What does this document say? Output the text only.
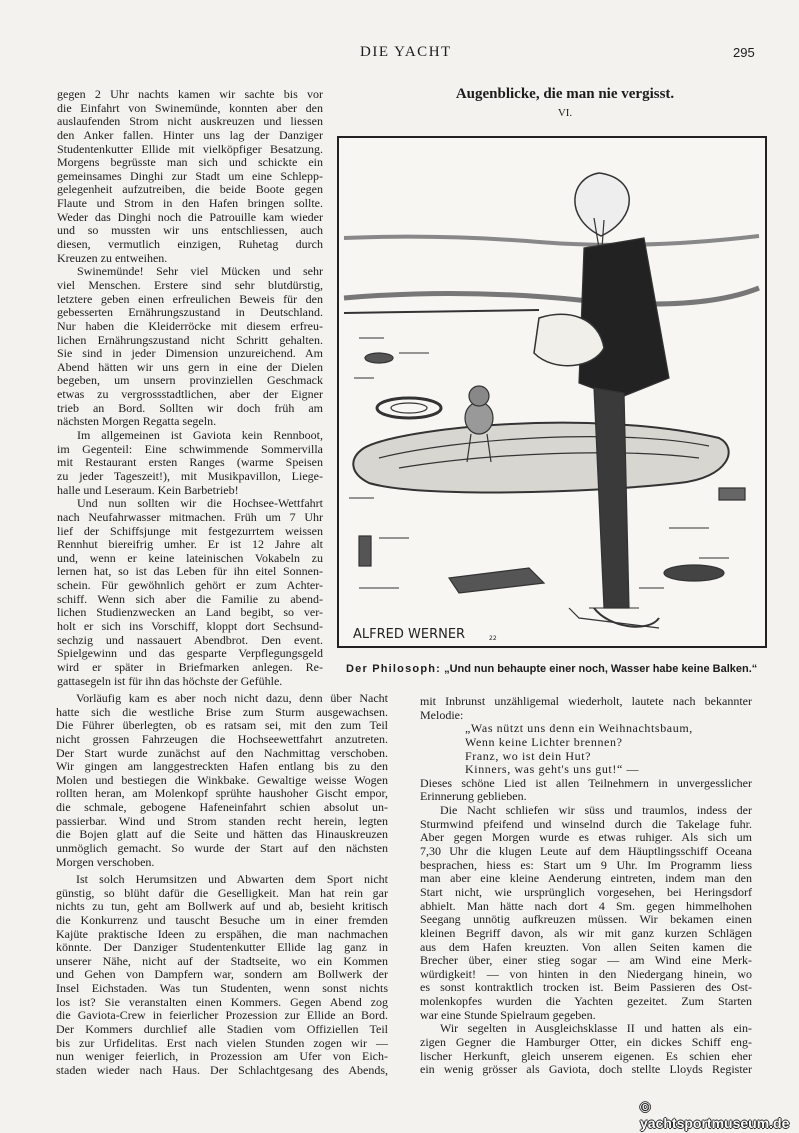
DIE YACHT	295
Augenblicke, die man nie vergisst.
VI.
gegen 2 Uhr nachts kamen wir sachte bis vor
die Einfahrt von Swinemünde, konnten aber den
auslaufenden Strom nicht auskreuzen und liessen
den Anker fallen. Hinter uns lag der Danziger
Studentenkutter Ellide mit vielköpfiger Besatzung.
Morgens begrüsste man sich und schickte ein
gemeinsames Dinghi zur Stadt um eine Schlepp-
gelegenheit aufzutreiben, die beide Boote gegen
Flaute und Strom in den Hafen bringen sollte.
Weder das Dinghi noch die Patrouille kam wieder
und so mussten wir uns entschliessen, auch
diesen, vermutlich einzigen, Ruhetag durch
Kreuzen zu entweihen.
Swinemünde! Sehr viel Mücken und sehr
viel Menschen. Erstere sind sehr blutdürstig,
letztere geben einen erfreulichen Beweis für den
gebesserten Ernährungszustand in Deutschland.
Nur haben die Kleiderröcke mit diesem erfreu-
lichen Ernährungszustand nicht Schritt gehalten.
Sie sind in jeder Dimension unzureichend. Am
Abend hätten wir uns gern in eine der Dielen
begeben, um unsern provinziellen Geschmack
etwas zu vergrossstadtlichen, aber der Eigner
trieb an Bord. Sollten wir doch früh am
nächsten Morgen Regatta segeln.
Im allgemeinen ist Gaviota kein Rennboot,
im Gegenteil: Eine schwimmende Sommervilla
mit Restaurant ersten Ranges (warme Speisen
zu jeder Tageszeit!), mit Musikpavillon, Liege-
halle und Leseraum. Kein Barbetrieb!
Und nun sollten wir die Hochsee-Wettfahrt
nach Neufahrwasser mitmachen. Früh um 7 Uhr
lief der Schiffsjunge mit festgezurrtem weissen
Rennhut biereifrig umher. Er ist 12 Jahre alt
und, wenn er keine lateinischen Vokabeln zu
lernen hat, so ist das Leben für ihn eitel Sonnen-
schein. Für gewöhnlich gehört er zum Achter-
schiff. Wenn sich aber die Familie zu abend-
lichen Studienzwecken an Land begibt, so ver-
holt er sich ins Vorschiff, kloppt dort Sechsund-
sechzig und nassauert Abendbrot. Den event.
Spielgewinn und das gesparte Verpflegungsgeld
wird er später in Briefmarken anlegen. Re-
gattasegeln ist für ihn das höchste der Gefühle.
Vorläufig kam es aber noch nicht dazu, denn über Nacht
hatte sich die westliche Brise zum Sturm ausgewachsen.
Die Führer überlegten, ob es ratsam sei, mit den zum Teil
nicht grossen Fahrzeugen die Hochseewettfahrt anzutreten.
Der Start wurde zunächst auf den Nachmittag verschoben.
Wir gingen am langgestreckten Hafen entlang bis zu den
Molen und bestiegen die Winkbake. Gewaltige weisse Wogen
rollten heran, am Molenkopf sprühte haushoher Gischt empor,
die schmale, gebogene Hafeneinfahrt schien absolut un-
passierbar. Wind und Strom standen recht herein, legten
die Bojen glatt auf die Seite und hätten das Hinauskreuzen
unmöglich gemacht. So wurde der Start auf den nächsten
Morgen verschoben.
Ist solch Herumsitzen und Abwarten dem Sport nicht
günstig, so blüht dafür die Geselligkeit. Man hat rein gar
nichts zu tun, geht am Bollwerk auf und ab, besieht kritisch
die Konkurrenz und tauscht Besuche um in einer fremden
Kajüte praktische Ideen zu erspähen, die man nachmachen
könnte. Der Danziger Studentenkutter Ellide lag ganz in
unserer Nähe, nicht auf der Stadtseite, wo ein Kommen
und Gehen von Dampfern war, sondern am Bollwerk der
Insel Eichstaden. Was tun Studenten, wenn sonst nichts
los ist? Sie veranstalten einen Kommers. Gegen Abend zog
die Gaviota-Crew in feierlicher Prozession zur Ellide an Bord.
Der Kommers durchlief alle Stadien vom Offiziellen Teil
bis zur Urfidelitas. Erst nach vielen Stunden zogen wir —
nun weniger feierlich, in Prozession am Ufer von Eich-
staden wieder nach Haus. Der Schlachtgesang des Abends,
mit Inbrunst unzähligemal wiederholt, lautete nach bekannter
Melodie:
„Was nützt uns denn ein Weihnachtsbaum,
Wenn keine Lichter brennen?
Franz, wo ist dein Hut?
Kinners, was geht's uns gut!“ —
Dieses schöne Lied ist allen Teilnehmern in unvergesslicher
Erinnerung geblieben.
Die Nacht schliefen wir süss und traumlos, indess der
Sturmwind pfeifend und winselnd durch die Takelage fuhr.
Aber gegen Morgen wurde es etwas ruhiger. Als sich um
7,30 Uhr die klugen Leute auf dem Häuptlingsschiff Oceana
besprachen, hiess es: Start um 9 Uhr. Im Programm liess
man aber eine kleine Aenderung eintreten, indem man den
Start nicht, wie ursprünglich vorgesehen, bei Heringsdorf
abhielt. Man hätte nach dort 4 Sm. gegen himmelhohen
Seegang unnötig aufkreuzen müssen. Wir bekamen einen
kleinen Begriff davon, als wir mit ganz kurzen Schlägen
aus dem Hafen kreuzten. Von allen Seiten kamen die
Brecher über, einer stieg sogar — am Wind eine Merk-
würdigkeit! — von hinten in den Niedergang hinein, wo
es sonst kontraktlich trocken ist. Beim Passieren des Ost-
molenkopfes wurden die Yachten gezeitet. Zum Starten
war eine Stunde Spielraum gegeben.
Wir segelten in Ausgleichsklasse II und hatten als ein-
zigen Gegner die Hamburger Otter, ein dickes Schiff eng-
lischer Herkunft, gleich unserem eigenen. Es schien eher
ein wenig grösser als Gaviota, doch stellte Lloyds Register
ALFRED WERNER	22
Der Philosoph: „Und nun behaupte einer noch, Wasser habe keine Balken.“
© yachtsportmuseum.de
